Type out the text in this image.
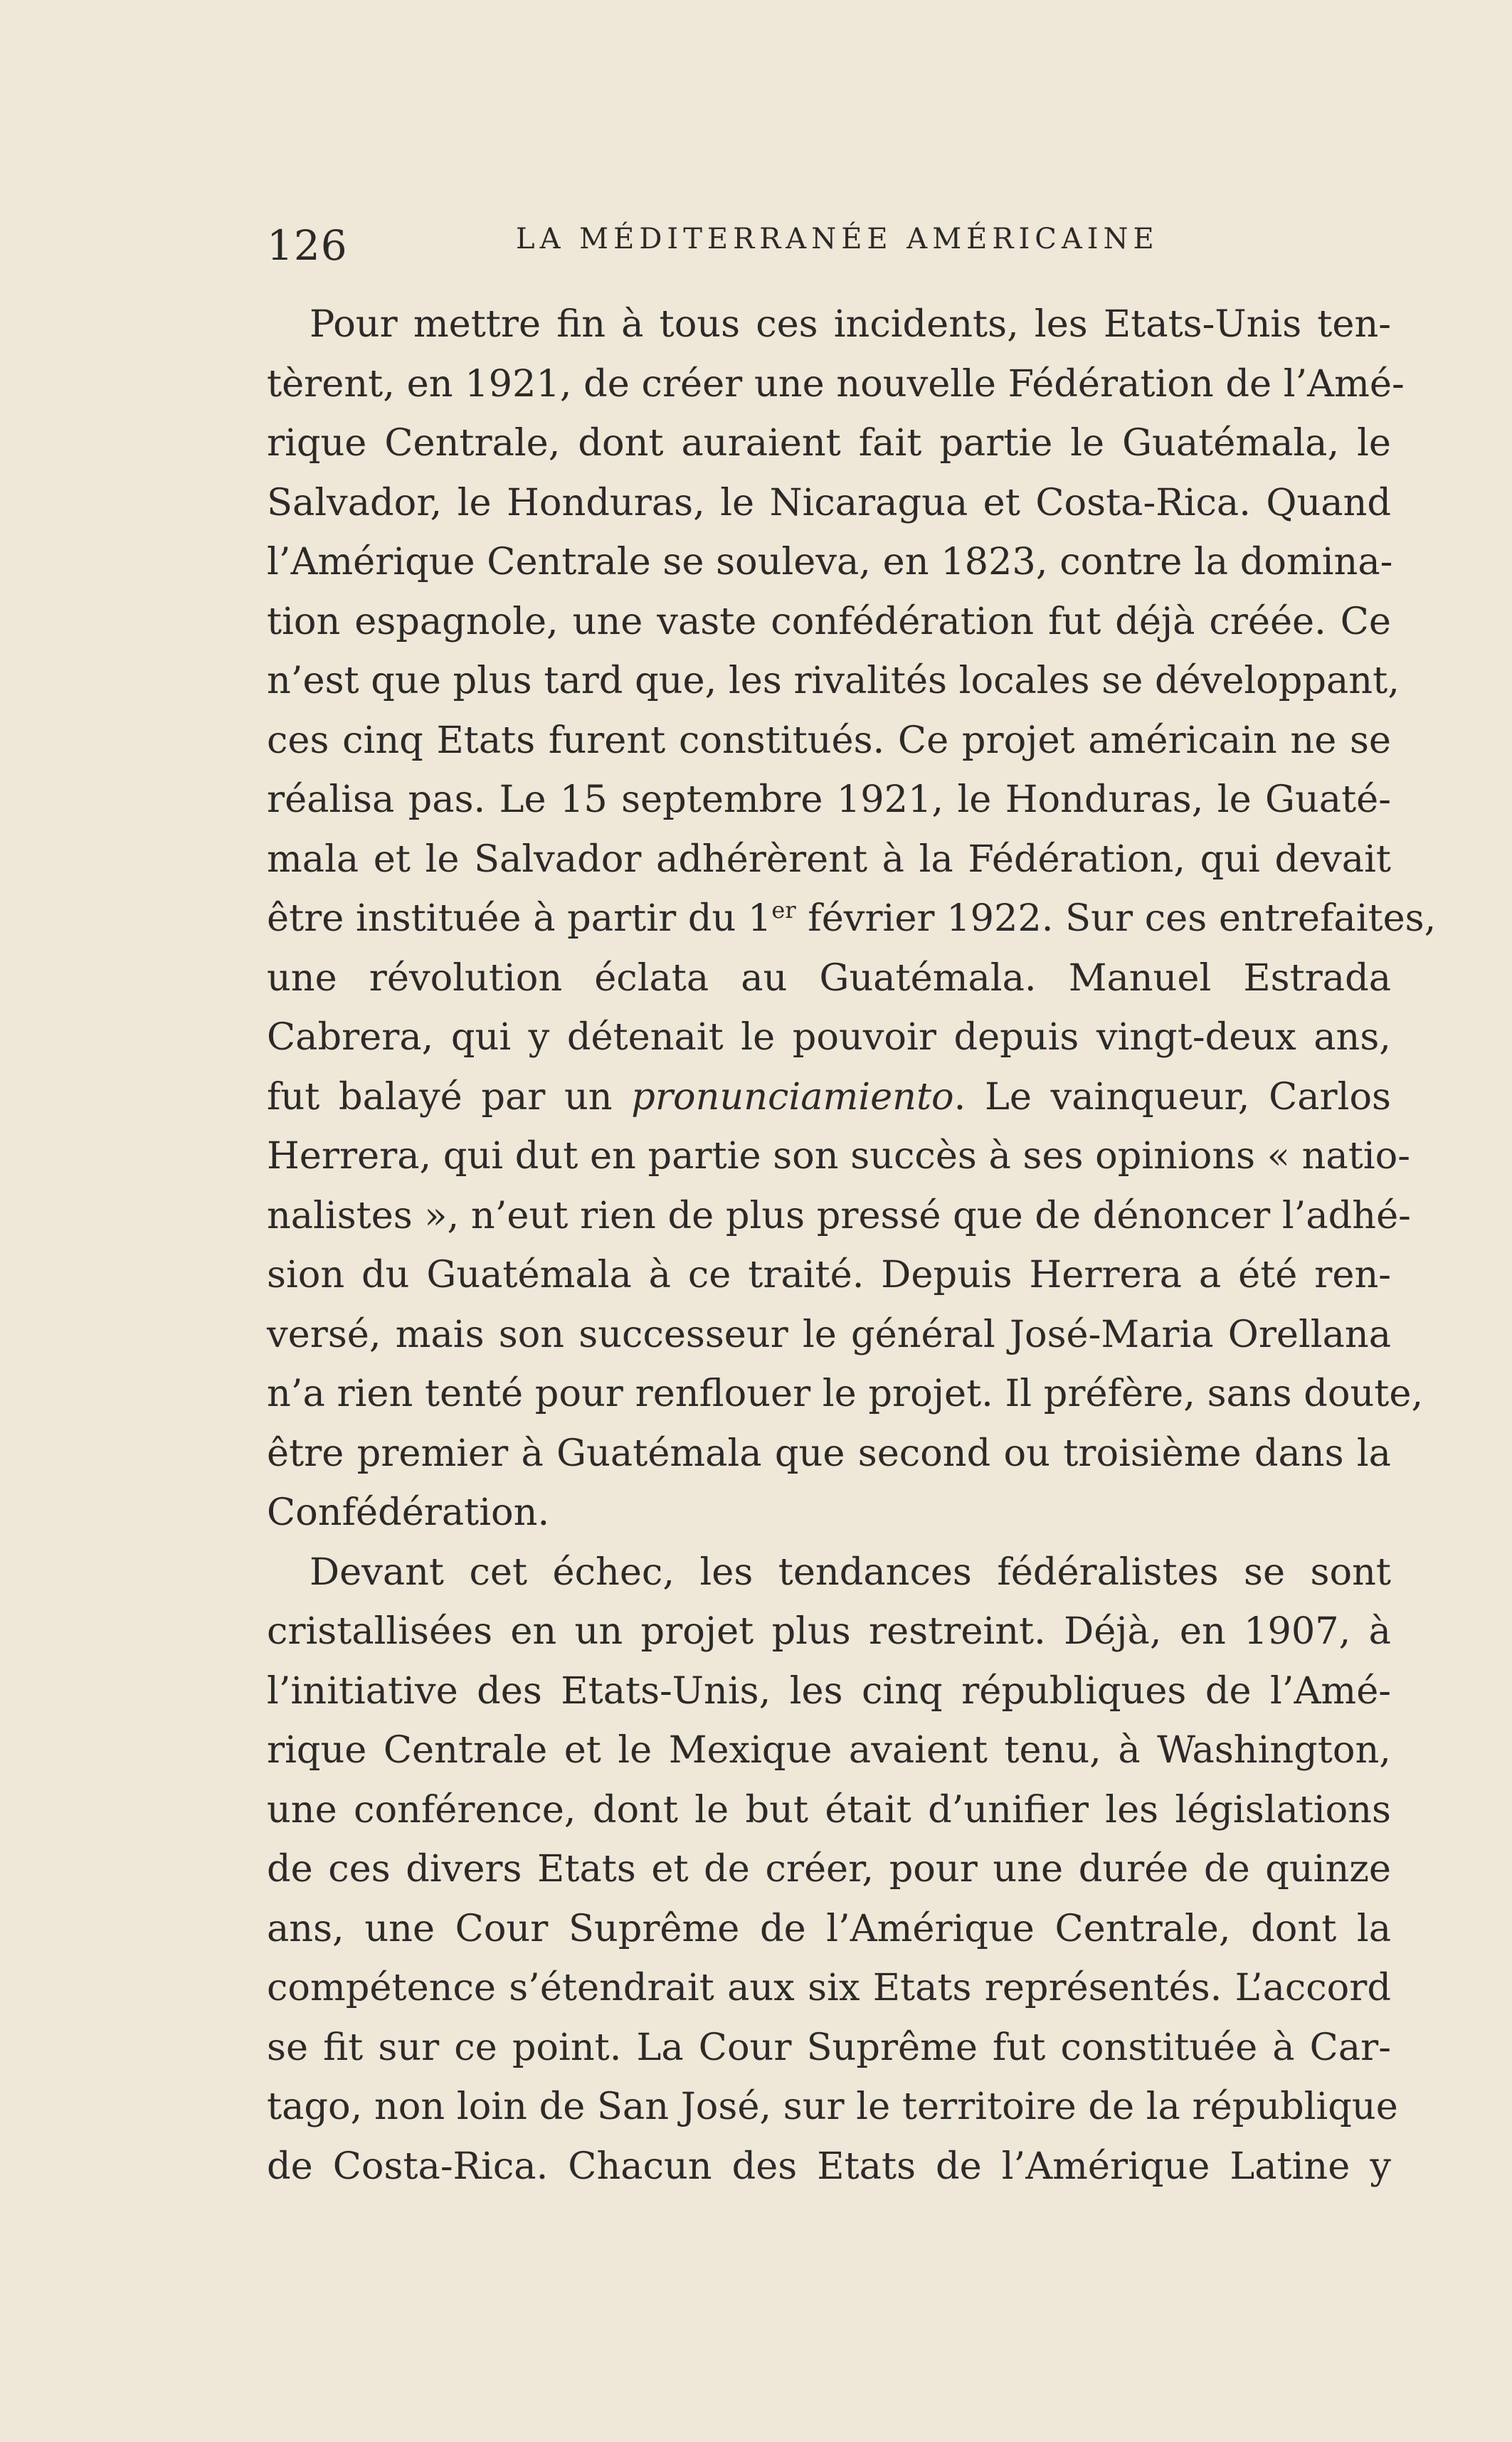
126	LA MÉDITERRANÉE AMÉRICAINE
Pour mettre fin à tous ces incidents, les Etats-Unis ten-
tèrent, en 1921, de créer une nouvelle Fédération de l’Amé-
rique Centrale, dont auraient fait partie le Guatémala, le
Salvador, le Honduras, le Nicaragua et Costa-Rica. Quand
l’Amérique Centrale se souleva, en 1823, contre la domina-
tion espagnole, une vaste confédération fut déjà créée. Ce
n’est que plus tard que, les rivalités locales se développant,
ces cinq Etats furent constitués. Ce projet américain ne se
réalisa pas. Le 15 septembre 1921, le Honduras, le Guaté-
mala et le Salvador adhérèrent à la Fédération, qui devait
être instituée à partir du 1er février 1922. Sur ces entrefaites,
une révolution éclata au Guatémala. Manuel Estrada
Cabrera, qui y détenait le pouvoir depuis vingt-deux ans,
fut balayé par un pronunciamiento. Le vainqueur, Carlos
Herrera, qui dut en partie son succès à ses opinions « natio-
nalistes », n’eut rien de plus pressé que de dénoncer l’adhé-
sion du Guatémala à ce traité. Depuis Herrera a été ren-
versé, mais son successeur le général José-Maria Orellana
n’a rien tenté pour renflouer le projet. Il préfère, sans doute,
être premier à Guatémala que second ou troisième dans la
Confédération.
Devant cet échec, les tendances fédéralistes se sont
cristallisées en un projet plus restreint. Déjà, en 1907, à
l’initiative des Etats-Unis, les cinq républiques de l’Amé-
rique Centrale et le Mexique avaient tenu, à Washington,
une conférence, dont le but était d’unifier les législations
de ces divers Etats et de créer, pour une durée de quinze
ans, une Cour Suprême de l’Amérique Centrale, dont la
compétence s’étendrait aux six Etats représentés. L’accord
se fit sur ce point. La Cour Suprême fut constituée à Car-
tago, non loin de San José, sur le territoire de la république
de Costa-Rica. Chacun des Etats de l’Amérique Latine y
